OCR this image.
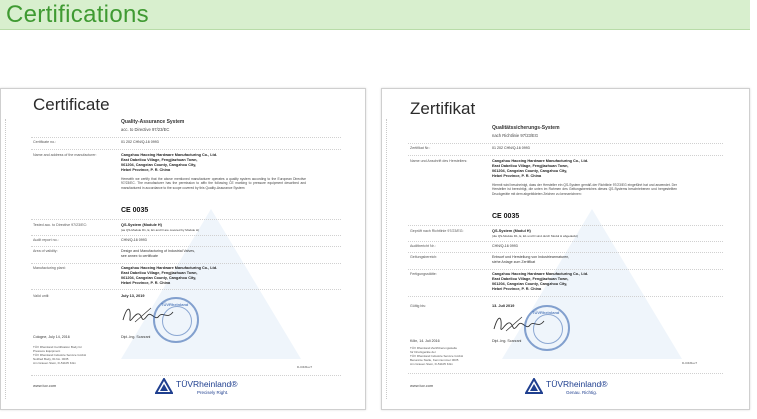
Certifications
Certificate
Quality-Assurance System
acc. to Directive 97/23/EC
Certificate no.:	01 202 CHN/Q-16 0993
Name and address of the manufacturer:	Cangzhou Haoxing Hardware Manufacturing Co., Ltd.
East Dabeilou Village, Fengjiazhuan Town,
061204, Cangxian County, Cangzhou City,
Hebei Province, P. R. China
Herewith we certify that the above mentioned manufacturer operates a quality system according to the European Directive 97/23/EC. The manufacturer has the permission to affix the following CE marking to pressure equipment described and manufactured in accordance to the scope covered by this Quality-Assurance System:
CE 0035
Tested acc. to Directive 97/23/EC:	QS-System (Module H)
(as QS-Module D1, E, E1 and D are covered by Module H)
Audit report no.:	CHN/Q-16 0993
Area of validity:	Design and Manufacturing of Industrial Valves,
see annex to certificate
Manufacturing plant:	Cangzhou Haoxing Hardware Manufacturing Co., Ltd.
East Dabeilou Village, Fengjiazhuan Town,
061204, Cangxian County, Cangzhou City,
Hebei Province, P. R. China
Valid until:	July 13, 2019
TÜVRheinland
Cologne, July 14, 2016	Dipl.-Ing. Scarzani
TÜV Rheinland Certification Body for
Pressure Equipment
TÜV Rheinland Industrie Service GmbH
Notified Body, ID-No. 0035
Am Grauen Stein, D-51105 Köln
D-0/4/Rev7
www.tuv.com	TÜVRheinland®
Precisely Right.
Zertifikat
Qualitätssicherungs-System
nach Richtlinie 97/23/EG
Zertifikat Nr.:	01 202 CHN/Q-16 0993
Name und Anschrift des Herstellers:	Cangzhou Haoxing Hardware Manufacturing Co., Ltd.
East Dabeilou Village, Fengjiazhuan Town,
061204, Cangxian County, Cangzhou City,
Hebei Province, P. R. China
Hiermit wird bescheinigt, dass der Hersteller ein QS-System gemäß der Richtlinie 97/23/EG eingeführt hat und anwendet. Der Hersteller ist berechtigt, die unten im Rahmen des Geltungsbereiches dieses QS-Systems beschriebenen und hergestellten Druckgeräte mit dem abgebildeten Zeichen zu kennzeichnen:
CE 0035
Geprüft nach Richtlinie 97/23/EG:	QS-System (Modul H)
(die QS-Module D1, E, E1 und D sind durch Modul H abgedeckt)
Auditbericht Nr.:	CHN/Q-16 0993
Geltungsbereich:	Entwurf und Herstellung von Industriearmaturen,
siehe Anlage zum Zertifikat
Fertigungsstätte:	Cangzhou Haoxing Hardware Manufacturing Co., Ltd.
East Dabeilou Village, Fengjiazhuan Town,
061204, Cangxian County, Cangzhou City,
Hebei Province, P. R. China
Gültig bis:	13. Juli 2019
TÜVRheinland
Köln, 14. Juli 2016	Dipl.-Ing. Scarzani
TÜV Rheinland Zertifizierungsstelle
für Druckgeräte der
TÜV Rheinland Industrie Service GmbH
Benannte Stelle, Kennnummer 0035
Am Grauen Stein, D-51105 Köln	D-0/4/Rev7
www.tuv.com	TÜVRheinland®
Genau. Richtig.
